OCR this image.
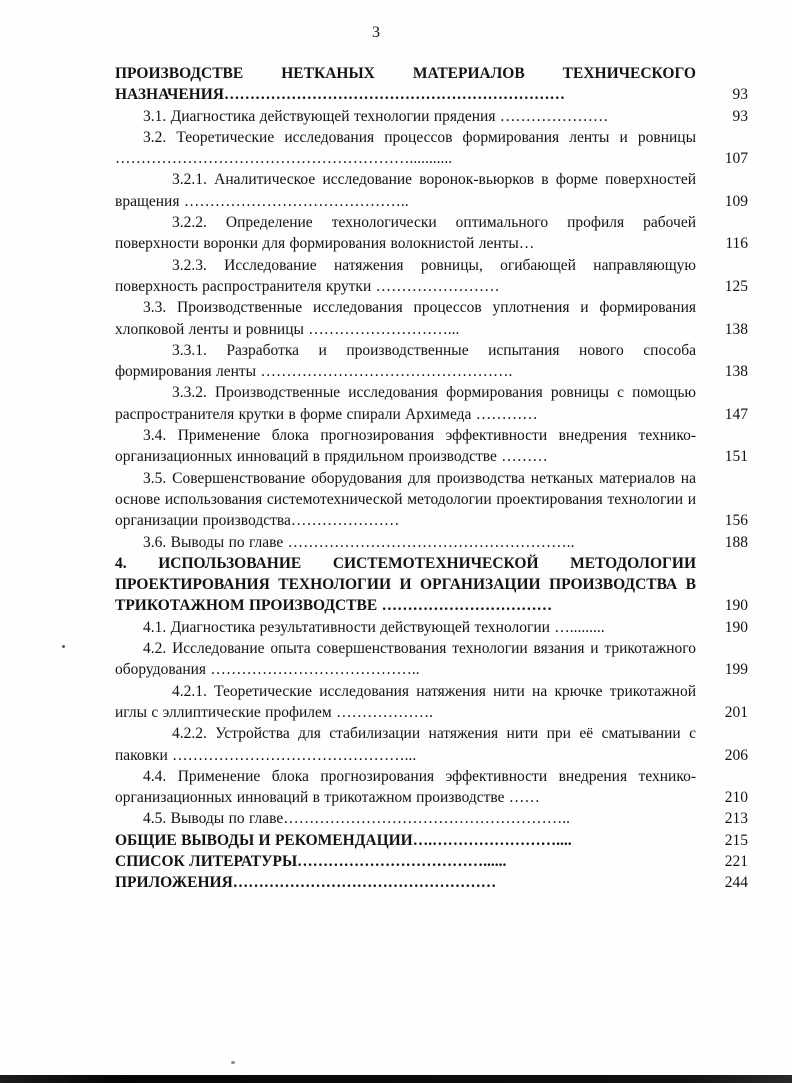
3
ПРОИЗВОДСТВЕ НЕТКАНЫХ МАТЕРИАЛОВ ТЕХНИЧЕСКОГО НАЗНАЧЕНИЯ…………………………………………………………	93
3.1. Диагностика действующей технологии прядения …………………	93
3.2. Теоретические исследования процессов формирования ленты и ровницы …………………………………………………...........	107
3.2.1. Аналитическое исследование воронок-вьюрков в форме поверхностей вращения ……………………………………..	109
3.2.2. Определение технологически оптимального профиля рабочей поверхности воронки для формирования волокнистой ленты…	116
3.2.3. Исследование натяжения ровницы, огибающей направляющую поверхность распространителя крутки ……………………	125
3.3. Производственные исследования процессов уплотнения и формирования хлопковой ленты и ровницы ………………………...	138
3.3.1. Разработка и производственные испытания нового способа формирования ленты ………………………………………….	138
3.3.2. Производственные исследования формирования ровницы с помощью распространителя крутки в форме спирали Архимеда …………	147
3.4. Применение блока прогнозирования эффективности внедрения технико-организационных инноваций в прядильном производстве ………	151
3.5. Совершенствование оборудования для производства нетканых материалов на основе использования системотехнической методологии проектирования технологии и организации производства…………………	156
3.6. Выводы по главе ………………………………………………..	188
4. ИСПОЛЬЗОВАНИЕ СИСТЕМОТЕХНИЧЕСКОЙ МЕТОДОЛОГИИ ПРОЕКТИРОВАНИЯ ТЕХНОЛОГИИ И ОРГАНИЗАЦИИ ПРОИЗВОДСТВА В ТРИКОТАЖНОМ ПРОИЗВОДСТВЕ ……………………………	190
4.1. Диагностика результативности действующей технологии ….........	190
4.2. Исследование опыта совершенствования технологии вязания и трикотажного оборудования …………………………………..	199
4.2.1. Теоретические исследования натяжения нити на крючке трикотажной иглы с эллиптические профилем ……………….	201
4.2.2. Устройства для стабилизации натяжения нити при её сматывании с паковки ………………………………………...	206
4.4. Применение блока прогнозирования эффективности внедрения технико-организационных инноваций в трикотажном производстве ……	210
4.5. Выводы по главе………………………………………………..	213
ОБЩИЕ ВЫВОДЫ И РЕКОМЕНДАЦИИ….……………………....	215
СПИСОК ЛИТЕРАТУРЫ………………………………......	221
ПРИЛОЖЕНИЯ……………………………………………	244
